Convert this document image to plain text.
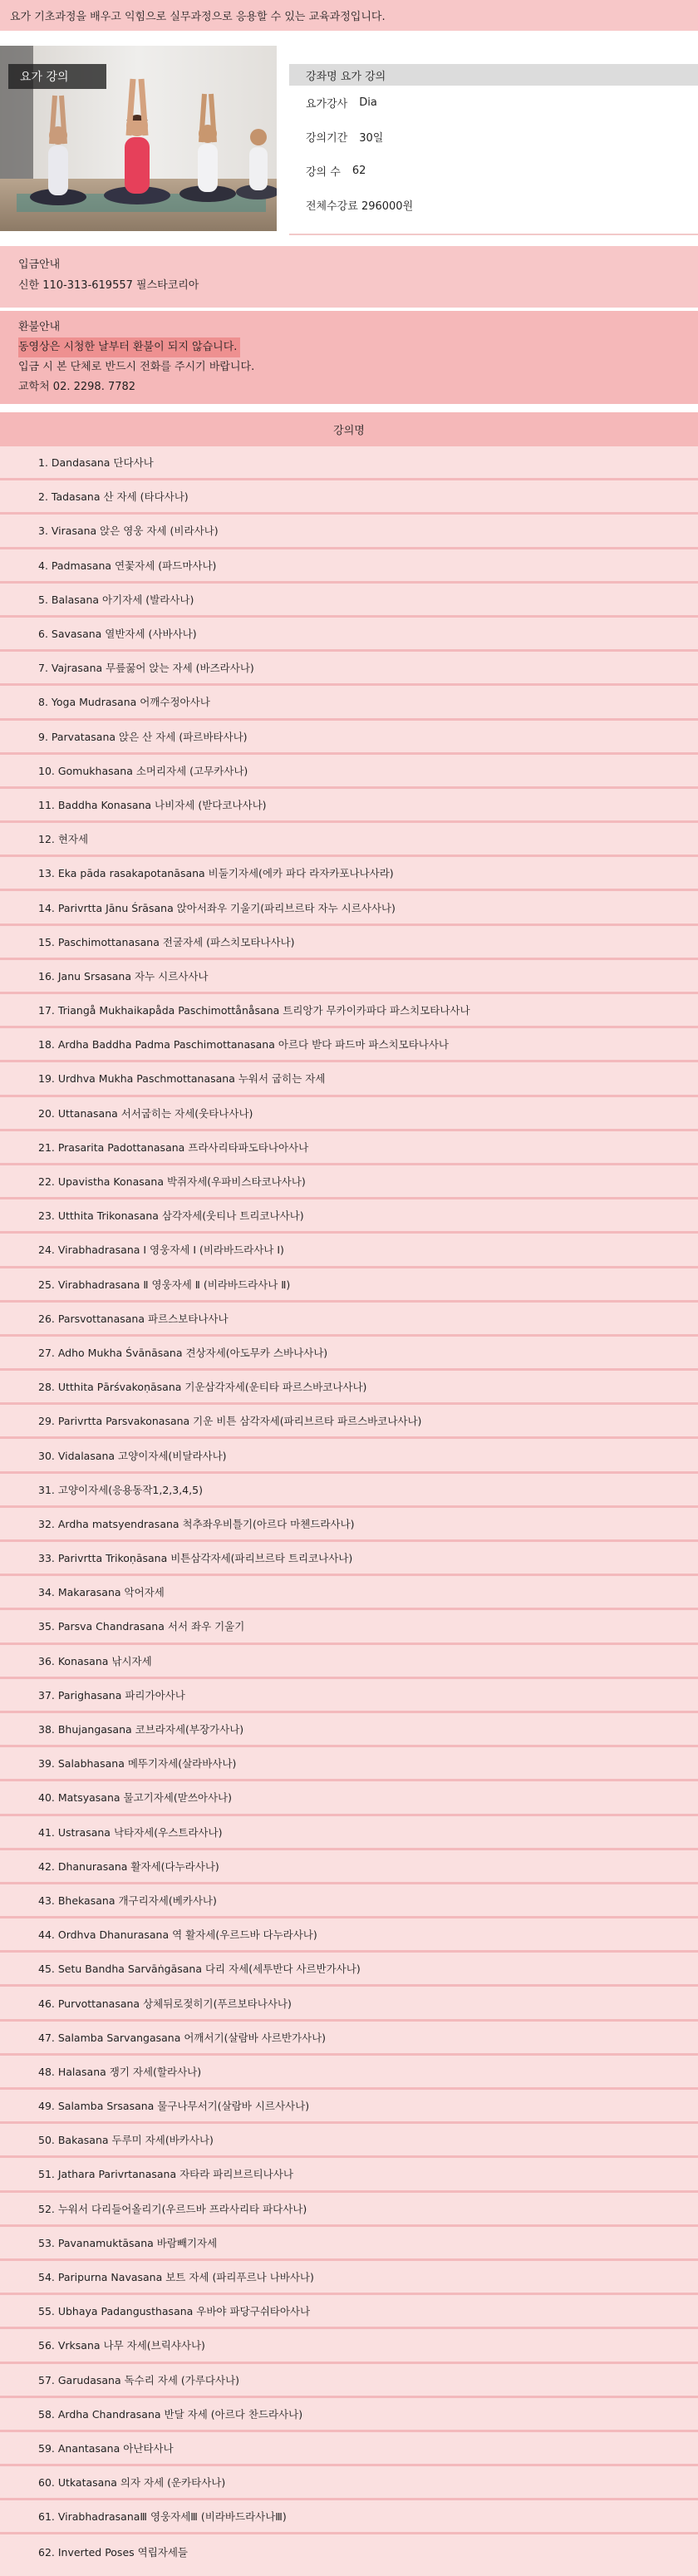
요가 기초과정을 배우고 익힘으로 실무과정으로 응용할 수 있는 교육과정입니다.
요가 강의	강좌명
요가 강의
요가강사 Dia
강의기간 30일
강의 수 62
전체수강료
296000원
입금안내
신한 110-313-619557 필스타코리아
환불안내
동영상은 시청한 날부터 환불이 되지 않습니다.
입금 시 본 단체로 반드시 전화를 주시기 바랍니다.
교학처 02. 2298. 7782
강의명
1. Dandasana 단다사나
2. Tadasana 산 자세 (타다사나)
3. Virasana 앉은 영웅 자세 (비라사나)
4. Padmasana 연꽃자세 (파드마사나)
5. Balasana 아기자세 (발라사나)
6. Savasana 열반자세 (사바사나)
7. Vajrasana 무릎꿇어 앉는 자세 (바즈라사나)
8. Yoga Mudrasana 어깨수정아사나
9. Parvatasana 앉은 산 자세 (파르바타사나)
10. Gomukhasana 소머리자세 (고무카사나)
11. Baddha Konasana 나비자세 (받다코나사나)
12. 현자세
13. Eka pāda rasakapotanāsana 비둘기자세(에카 파다 라자카포나나사라)
14. Parivrtta Jānu Śrāsana 앉아서좌우 기울기(파리브르타 자누 시르사사나)
15. Paschimottanasana 전굴자세 (파스치모타나사나)
16. Janu Srsasana 자누 시르사사나
17. Triangå Mukhaikapåda Paschimottånåsana 트리앙가 무카이카파다 파스치모타나사나
18. Ardha Baddha Padma Paschimottanasana 아르다 받다 파드마 파스치모타나사나
19. Urdhva Mukha Paschmottanasana 누워서 굽히는 자세
20. Uttanasana 서서굽히는 자세(웃타나사나)
21. Prasarita Padottanasana 프라사리타파도타나아사나
22. Upavistha Konasana 박쥐자세(우파비스타코나사나)
23. Utthita Trikonasana 삼각자세(웃티나 트리코나사나)
24. Virabhadrasana I 영웅자세 I (비라바드라사나 I)
25. Virabhadrasana Ⅱ 영웅자세 Ⅱ (비라바드라사나 Ⅱ)
26. Parsvottanasana 파르스보타나사나
27. Adho Mukha Śvānāsana 견상자세(아도무카 스바나사나)
28. Utthita Pārśvakoṇāsana 기운삼각자세(운티타 파르스바코나사나)
29. Parivrtta Parsvakonasana 기운 비튼 삼각자세(파리브르타 파르스바코나사나)
30. Vidalasana 고양이자세(비달라사나)
31. 고양이자세(응용동작1,2,3,4,5)
32. Ardha matsyendrasana 척추좌우비틀기(아르다 마첸드라사나)
33. Parivrtta Trikoṇāsana 비튼삼각자세(파리브르타 트리코나사나)
34. Makarasana 악어자세
35. Parsva Chandrasana 서서 좌우 기울기
36. Konasana 낚시자세
37. Parighasana 파리가아사나
38. Bhujangasana 코브라자세(부장가사나)
39. Salabhasana 메뚜기자세(살라바사나)
40. Matsyasana 물고기자세(맏쓰아사나)
41. Ustrasana 낙타자세(우스트라사나)
42. Dhanurasana 활자세(다누라사나)
43. Bhekasana 개구리자세(베카사나)
44. Ordhva Dhanurasana 역 활자세(우르드바 다누라사나)
45. Setu Bandha Sarvāṅgāsana 다리 자세(세투반다 사르반가사나)
46. Purvottanasana 상체뒤로젖히기(푸르보타나사나)
47. Salamba Sarvangasana 어깨서기(살람바 사르반가사나)
48. Halasana 쟁기 자세(할라사나)
49. Salamba Srsasana 물구나무서기(살람바 시르사사나)
50. Bakasana 두루미 자세(바카사나)
51. Jathara Parivrtanasana 자타라 파리브르티나사나
52. 누워서 다리들어올리기(우르드바 프라사리타 파다사나)
53. Pavanamuktāsana 바람빼기자세
54. Paripurna Navasana 보트 자세 (파리푸르나 나바사나)
55. Ubhaya Padangusthasana 우바야 파당구쉬타아사나
56. Vrksana 나무 자세(브릭샤사나)
57. Garudasana 독수리 자세 (가루다사나)
58. Ardha Chandrasana 반달 자세 (아르다 찬드라사나)
59. Anantasana 아난타사나
60. Utkatasana 의자 자세 (운카타사나)
61. VirabhadrasanaⅢ 영웅자세Ⅲ (비라바드라사나Ⅲ)
62. Inverted Poses 역립자세들
